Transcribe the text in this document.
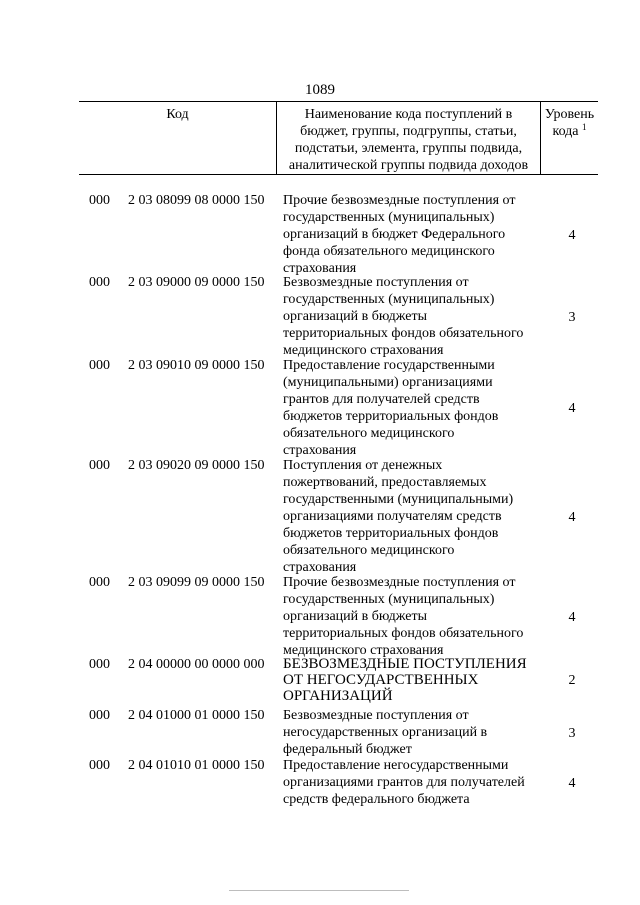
1089
Код	Наименование кода поступлений в
бюджет, группы, подгруппы, статьи,
подстатьи, элемента, группы подвида,
аналитической группы подвида доходов
Уровень
кода $^1$
000 2 03 08099 08 0000 150 Прочие безвозмездные поступления от
государственных (муниципальных)
организаций в бюджет Федерального
фонда обязательного медицинского
страхования
4
000 2 03 09000 09 0000 150 Безвозмездные поступления от
государственных (муниципальных)
организаций в бюджеты
территориальных фондов обязательного
медицинского страхования
3
000 2 03 09010 09 0000 150 Предоставление государственными
(муниципальными) организациями
грантов для получателей средств
бюджетов территориальных фондов
обязательного медицинского
страхования
4
000 2 03 09020 09 0000 150 Поступления от денежных
пожертвований, предоставляемых
государственными (муниципальными)
организациями получателям средств
бюджетов территориальных фондов
обязательного медицинского
страхования
4
000 2 03 09099 09 0000 150 Прочие безвозмездные поступления от
государственных (муниципальных)
организаций в бюджеты
территориальных фондов обязательного
медицинского страхования
4
000 2 04 00000 00 0000 000 БЕЗВОЗМЕЗДНЫЕ ПОСТУПЛЕНИЯ
ОТ НЕГОСУДАРСТВЕННЫХ
ОРГАНИЗАЦИЙ
2
000 2 04 01000 01 0000 150 Безвозмездные поступления от
негосударственных организаций в
федеральный бюджет
3
000 2 04 01010 01 0000 150 Предоставление негосударственными
организациями грантов для получателей
средств федерального бюджета
4
